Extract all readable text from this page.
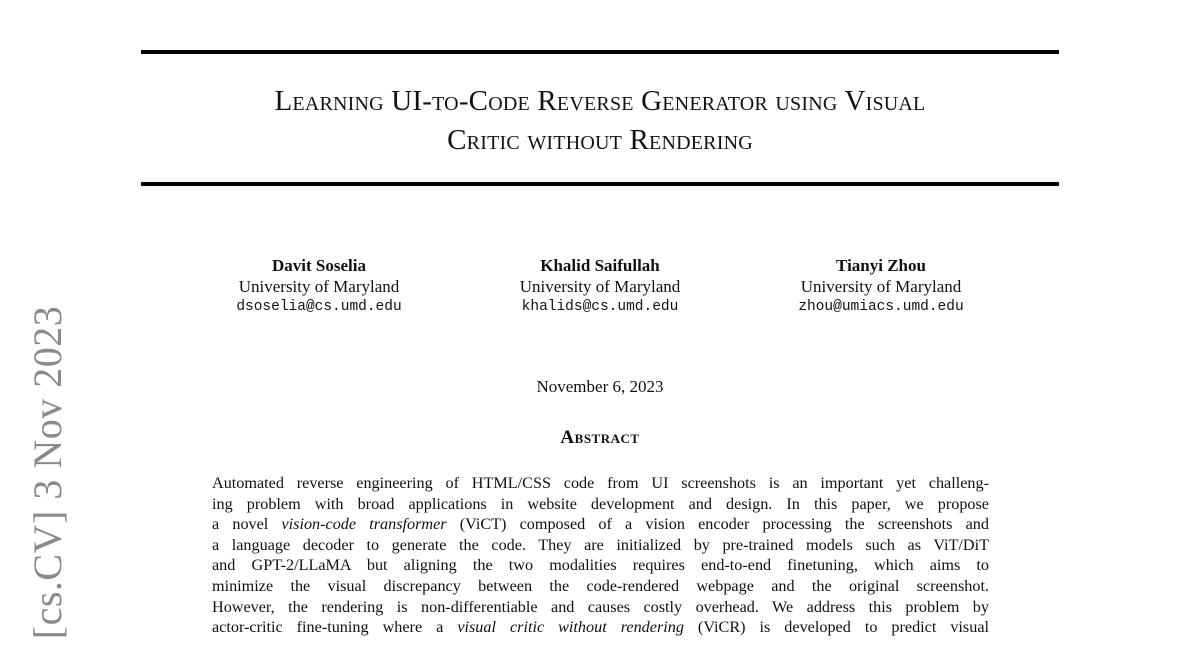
[cs.CV] 3 Nov 2023
Learning UI-to-Code Reverse Generator using Visual
Critic without Rendering
Davit Soselia
University of Maryland
dsoselia@cs.umd.edu
Khalid Saifullah
University of Maryland
khalids@cs.umd.edu
Tianyi Zhou
University of Maryland
zhou@umiacs.umd.edu
November 6, 2023
Abstract
Automated reverse engineering of HTML/CSS code from UI screenshots is an important yet challeng-
ing problem with broad applications in website development and design. In this paper, we propose
a novel vision-code transformer (ViCT) composed of a vision encoder processing the screenshots and
a language decoder to generate the code. They are initialized by pre-trained models such as ViT/DiT
and GPT-2/LLaMA but aligning the two modalities requires end-to-end finetuning, which aims to
minimize the visual discrepancy between the code-rendered webpage and the original screenshot.
However, the rendering is non-differentiable and causes costly overhead. We address this problem by
actor-critic fine-tuning where a visual critic without rendering (ViCR) is developed to predict visual
